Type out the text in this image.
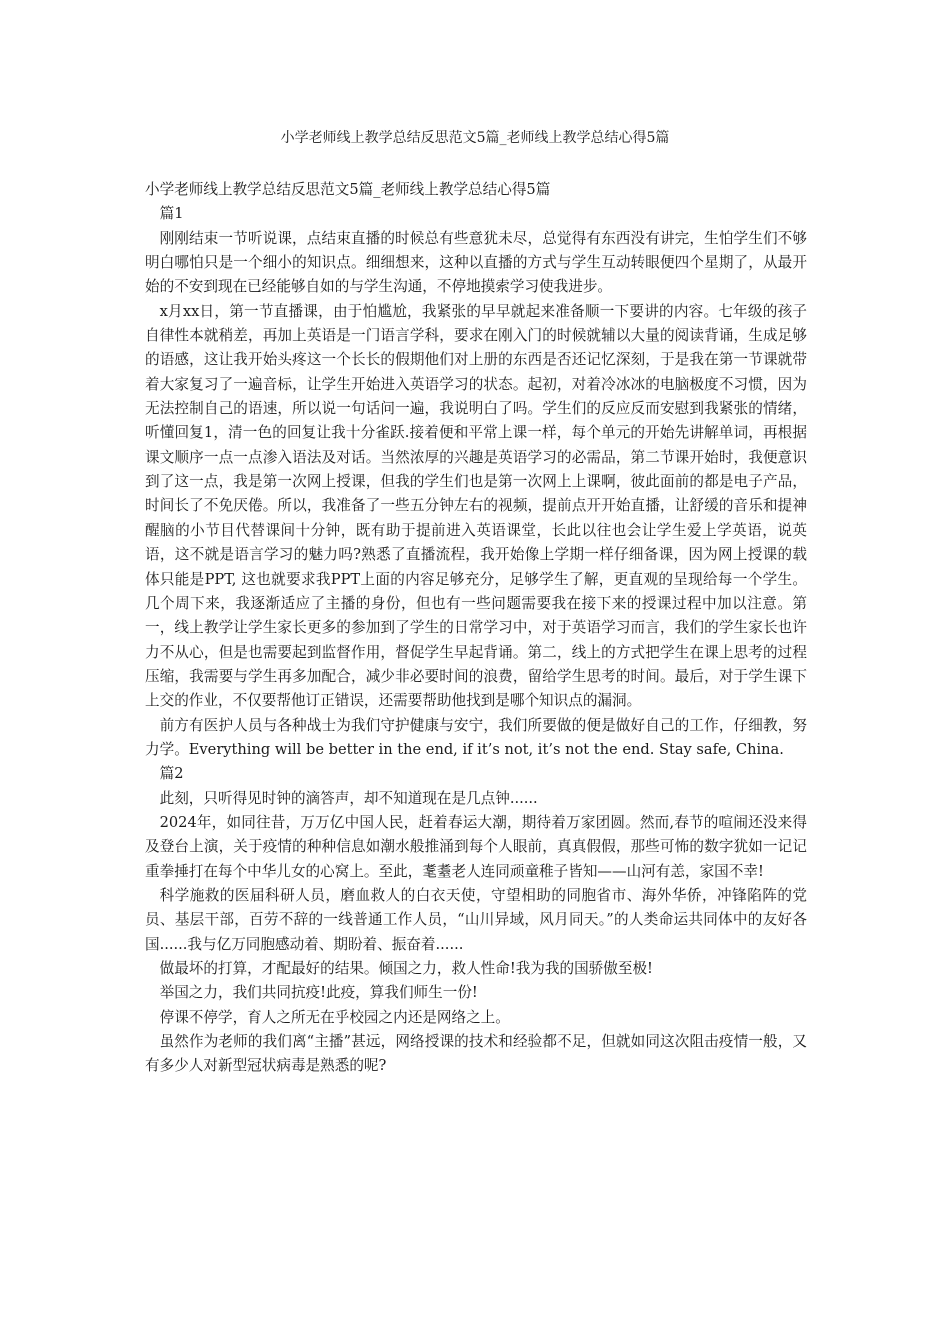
小学老师线上教学总结反思范文5篇_老师线上教学总结心得5篇

小学老师线上教学总结反思范文5篇_老师线上教学总结心得5篇

篇1

刚刚结束一节听说课，点结束直播的时候总有些意犹未尽，总觉得有东西没有讲完，生怕学生们不够明白哪怕只是一个细小的知识点。细细想来，这种以直播的方式与学生互动转眼便四个星期了，从最开始的不安到现在已经能够自如的与学生沟通，不停地摸索学习使我进步。

x月xx日，第一节直播课，由于怕尴尬，我紧张的早早就起来准备顺一下要讲的内容。七年级的孩子自律性本就稍差，再加上英语是一门语言学科，要求在刚入门的时候就辅以大量的阅读背诵，生成足够的语感，这让我开始头疼这一个长长的假期他们对上册的东西是否还记忆深刻，于是我在第一节课就带着大家复习了一遍音标，让学生开始进入英语学习的状态。起初，对着冷冰冰的电脑极度不习惯，因为无法控制自己的语速，所以说一句话问一遍，我说明白了吗。学生们的反应反而安慰到我紧张的情绪，听懂回复1，清一色的回复让我十分雀跃.接着便和平常上课一样，每个单元的开始先讲解单词，再根据课文顺序一点一点渗入语法及对话。当然浓厚的兴趣是英语学习的必需品，第二节课开始时，我便意识到了这一点，我是第一次网上授课，但我的学生们也是第一次网上上课啊，彼此面前的都是电子产品，时间长了不免厌倦。所以，我准备了一些五分钟左右的视频，提前点开开始直播，让舒缓的音乐和提神醒脑的小节目代替课间十分钟，既有助于提前进入英语课堂，长此以往也会让学生爱上学英语，说英语，这不就是语言学习的魅力吗?熟悉了直播流程，我开始像上学期一样仔细备课，因为网上授课的载体只能是PPT, 这也就要求我PPT上面的内容足够充分，足够学生了解，更直观的呈现给每一个学生。几个周下来，我逐渐适应了主播的身份，但也有一些问题需要我在接下来的授课过程中加以注意。第一，线上教学让学生家长更多的参加到了学生的日常学习中，对于英语学习而言，我们的学生家长也许力不从心，但是也需要起到监督作用，督促学生早起背诵。第二，线上的方式把学生在课上思考的过程压缩，我需要与学生再多加配合，减少非必要时间的浪费，留给学生思考的时间。最后，对于学生课下上交的作业，不仅要帮他订正错误，还需要帮助他找到是哪个知识点的漏洞。

前方有医护人员与各种战士为我们守护健康与安宁，我们所要做的便是做好自己的工作，仔细教，努力学。Everything will be better in the end, if it’s not, it’s not the end. Stay safe, China.

篇2

此刻，只听得见时钟的滴答声，却不知道现在是几点钟......

2024年，如同往昔，万万亿中国人民，赶着春运大潮，期待着万家团圆。然而,春节的喧闹还没来得及登台上演，关于疫情的种种信息如潮水般推涌到每个人眼前，真真假假，那些可怖的数字犹如一记记重拳捶打在每个中华儿女的心窝上。至此，耄耋老人连同顽童稚子皆知——山河有恙，家国不幸!

科学施救的医届科研人员，磨血救人的白衣天使，守望相助的同胞省市、海外华侨，冲锋陷阵的党员、基层干部，百劳不辞的一线普通工作人员，“山川异域，风月同天。”的人类命运共同体中的友好各国......我与亿万同胞感动着、期盼着、振奋着......

做最坏的打算，才配最好的结果。倾国之力，救人性命!我为我的国骄傲至极!

举国之力，我们共同抗疫!此疫，算我们师生一份!

停课不停学，育人之所无在乎校园之内还是网络之上。

虽然作为老师的我们离“主播”甚远，网络授课的技术和经验都不足，但就如同这次阻击疫情一般，又有多少人对新型冠状病毒是熟悉的呢?
